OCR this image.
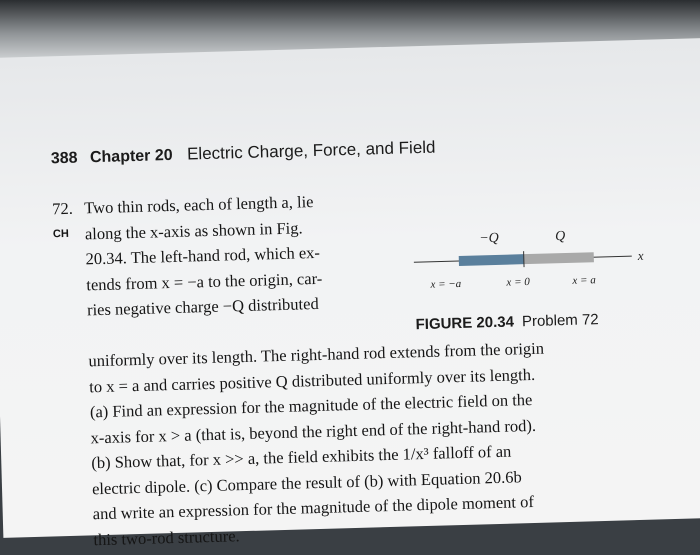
388 Chapter 20 Electric Charge, Force, and Field
72.
CH
Two thin rods, each of length a, lie
along the x-axis as shown in Fig.
20.34. The left-hand rod, which ex-
tends from x = −a to the origin, car-
ries negative charge −Q distributed
uniformly over its length. The right-hand rod extends from the origin
to x = a and carries positive Q distributed uniformly over its length.
(a) Find an expression for the magnitude of the electric field on the
x-axis for x > a (that is, beyond the right end of the right-hand rod).
(b) Show that, for x >> a, the field exhibits the 1/x³ falloff of an
electric dipole. (c) Compare the result of (b) with Equation 20.6b
and write an expression for the magnitude of the dipole moment of
this two-rod structure.
−Q	Q
x
x = −a	x = 0	x = a
FIGURE 20.34 Problem 72
